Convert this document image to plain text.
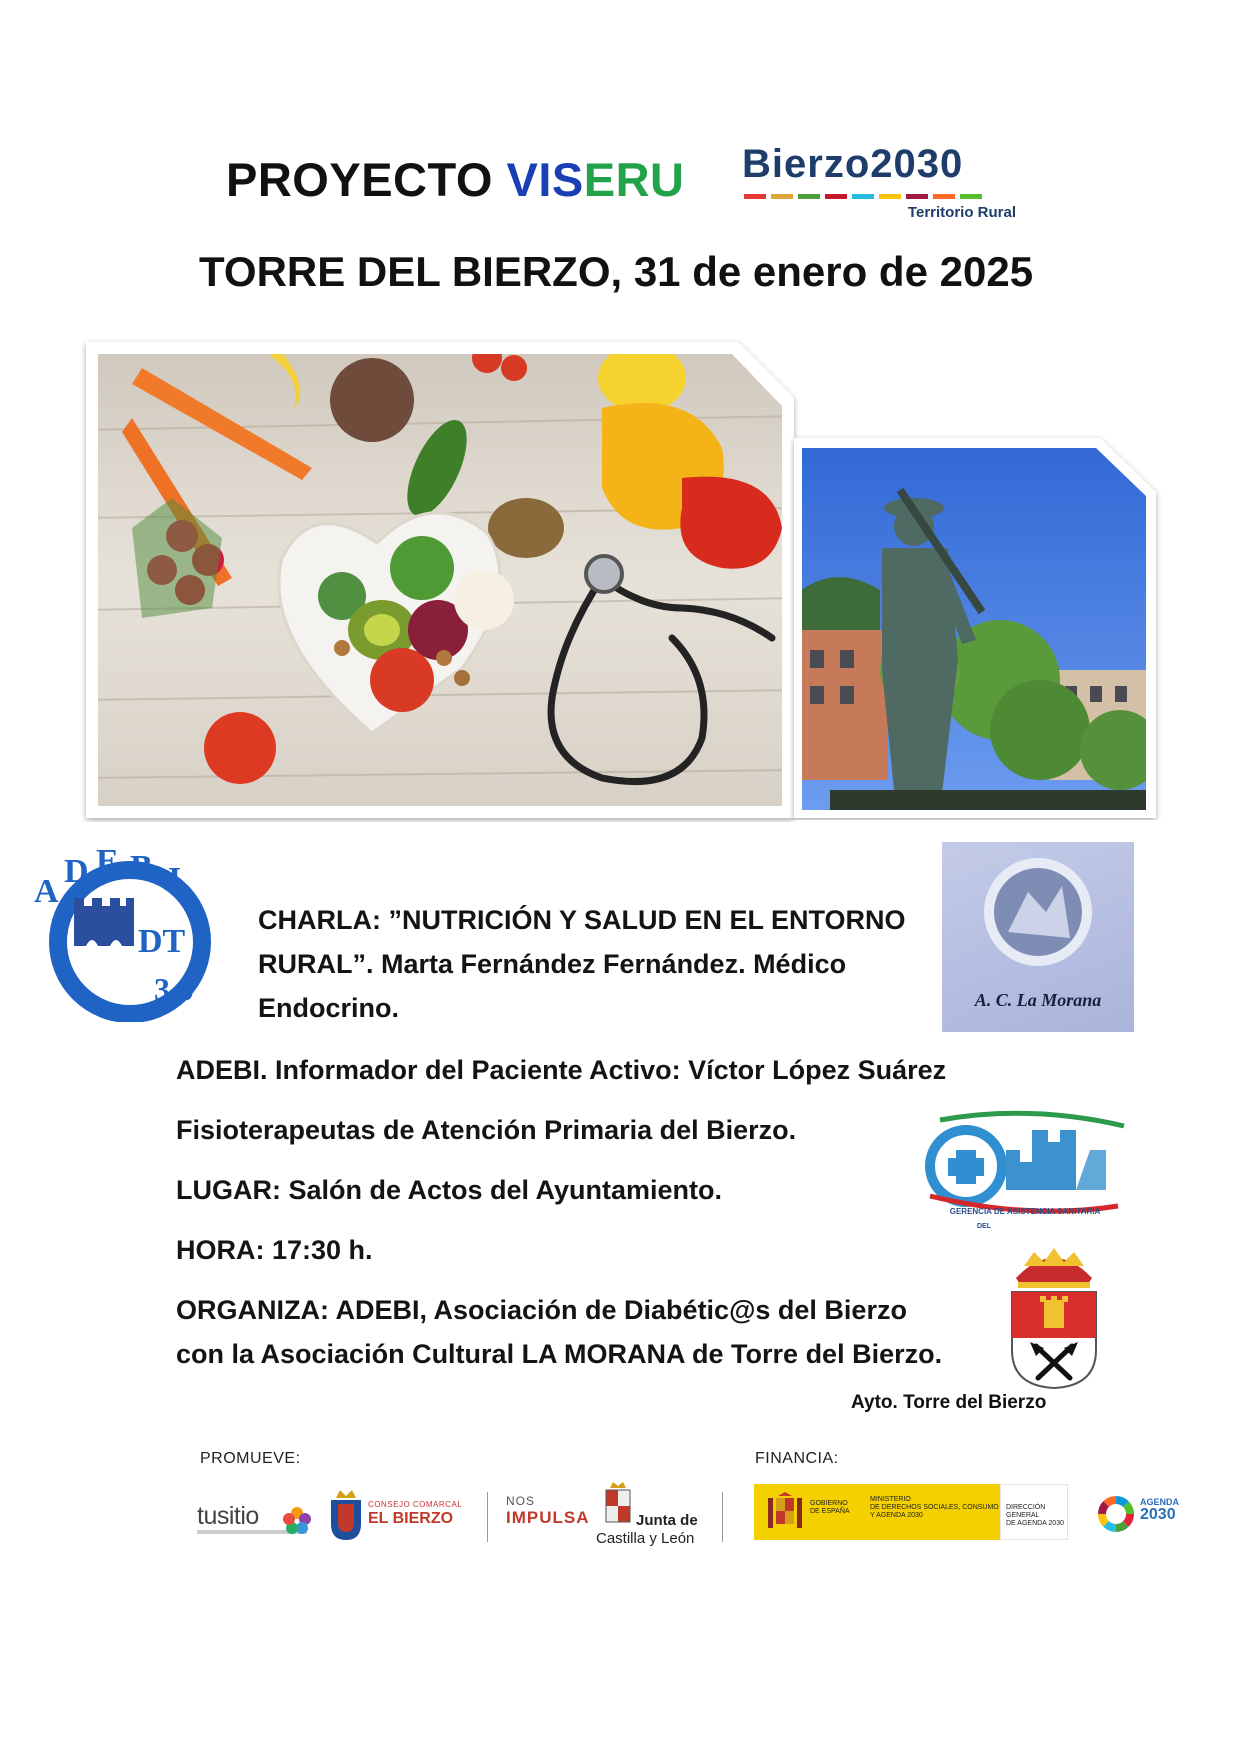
PROYECTO VISERU Bierzo2030
Territorio Rural
TORRE DEL BIERZO, 31 de enero de 2025
A
D E B I
DT
3.0
CHARLA: ”NUTRICIÓN Y SALUD EN EL ENTORNO
RURAL”. Marta Fernández Fernández. Médico
Endocrino.	A. C. La Morana
ADEBI. Informador del Paciente Activo: Víctor López Suárez
Fisioterapeutas de Atención Primaria del Bierzo.
LUGAR: Salón de Actos del Ayuntamiento.
HORA: 17:30 h.
ORGANIZA: ADEBI, Asociación de Diabétic@s del Bierzo
con la Asociación Cultural LA MORANA de Torre del Bierzo.
GERENCIA DE ASISTENCIA SANITARIA
DEL
Ayto. Torre del Bierzo
PROMUEVE:	FINANCIA:
tusitio	CONSEJO COMARCAL
EL BIERZO
NOS
IMPULSA	Junta de
Castilla y León
GOBIERNO
DE ESPAÑA
MINISTERIO
DE DERECHOS SOCIALES, CONSUMO
Y AGENDA 2030
DIRECCIÓN GENERAL
DE AGENDA 2030
AGENDA
2030
